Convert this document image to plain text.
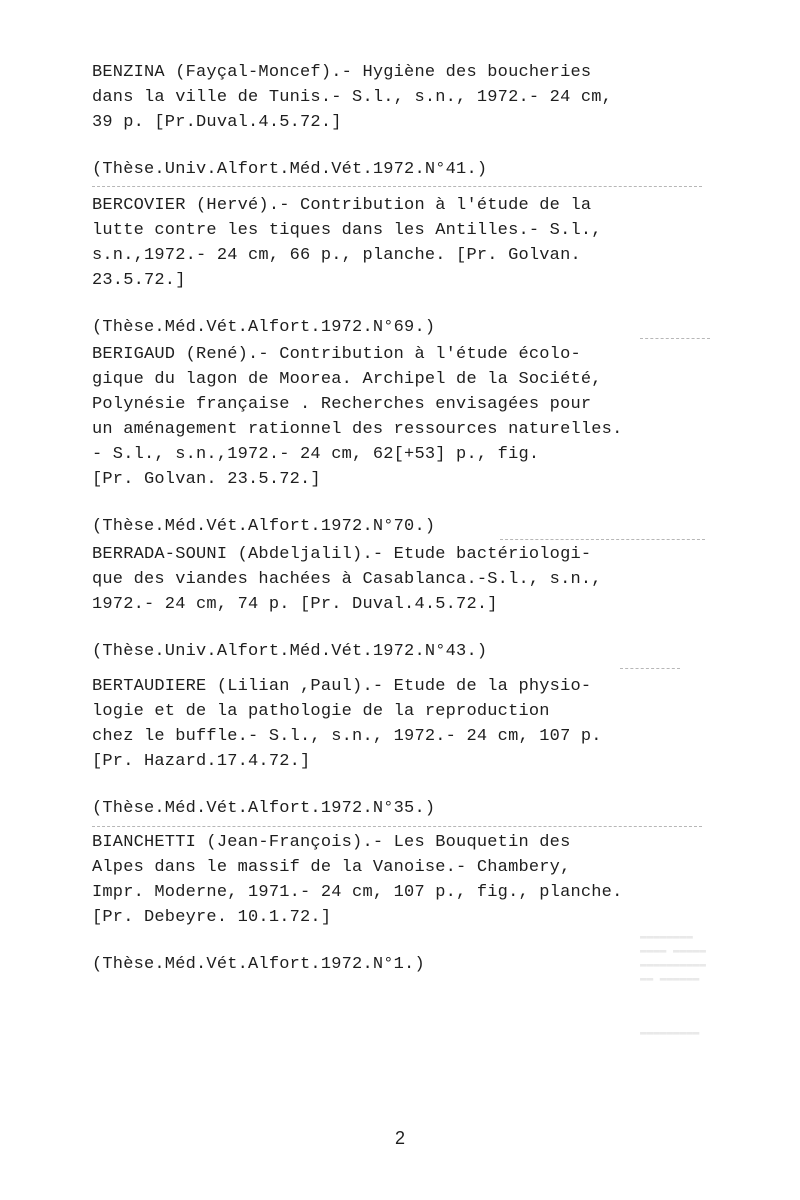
BENZINA (Fayçal-Moncef).- Hygiène des boucheries
dans la ville de Tunis.- S.l., s.n., 1972.- 24 cm,
39 p. [Pr.Duval.4.5.72.]
(Thèse.Univ.Alfort.Méd.Vét.1972.N°41.)
BERCOVIER (Hervé).- Contribution à l'étude de la
lutte contre les tiques dans les Antilles.- S.l.,
s.n.,1972.- 24 cm, 66 p., planche. [Pr. Golvan.
23.5.72.]
(Thèse.Méd.Vét.Alfort.1972.N°69.)
BERIGAUD (René).- Contribution à l'étude écolo-
gique du lagon de Moorea. Archipel de la Société,
Polynésie française . Recherches envisagées pour
un aménagement rationnel des ressources naturelles.
- S.l., s.n.,1972.- 24 cm, 62[+53] p., fig.
[Pr. Golvan. 23.5.72.]
(Thèse.Méd.Vét.Alfort.1972.N°70.)
BERRADA-SOUNI (Abdeljalil).- Etude bactériologi-
que des viandes hachées à Casablanca.-S.l., s.n.,
1972.- 24 cm, 74 p. [Pr. Duval.4.5.72.]
(Thèse.Univ.Alfort.Méd.Vét.1972.N°43.)
BERTAUDIERE (Lilian ,Paul).- Etude de la physio-
logie et de la pathologie de la reproduction
chez le buffle.- S.l., s.n., 1972.- 24 cm, 107 p.
[Pr. Hazard.17.4.72.]
(Thèse.Méd.Vét.Alfort.1972.N°35.)
BIANCHETTI (Jean-François).- Les Bouquetin des
Alpes dans le massif de la Vanoise.- Chambery,
Impr. Moderne, 1971.- 24 cm, 107 p., fig., planche.
[Pr. Debeyre. 10.1.72.]
(Thèse.Méd.Vét.Alfort.1972.N°1.)
▬▬▬▬▬▬▬▬
▬▬▬▬ ▬▬▬▬▬
▬▬▬▬▬▬▬▬▬▬
▬▬ ▬▬▬▬▬▬
▬▬▬▬▬▬▬▬▬
2
